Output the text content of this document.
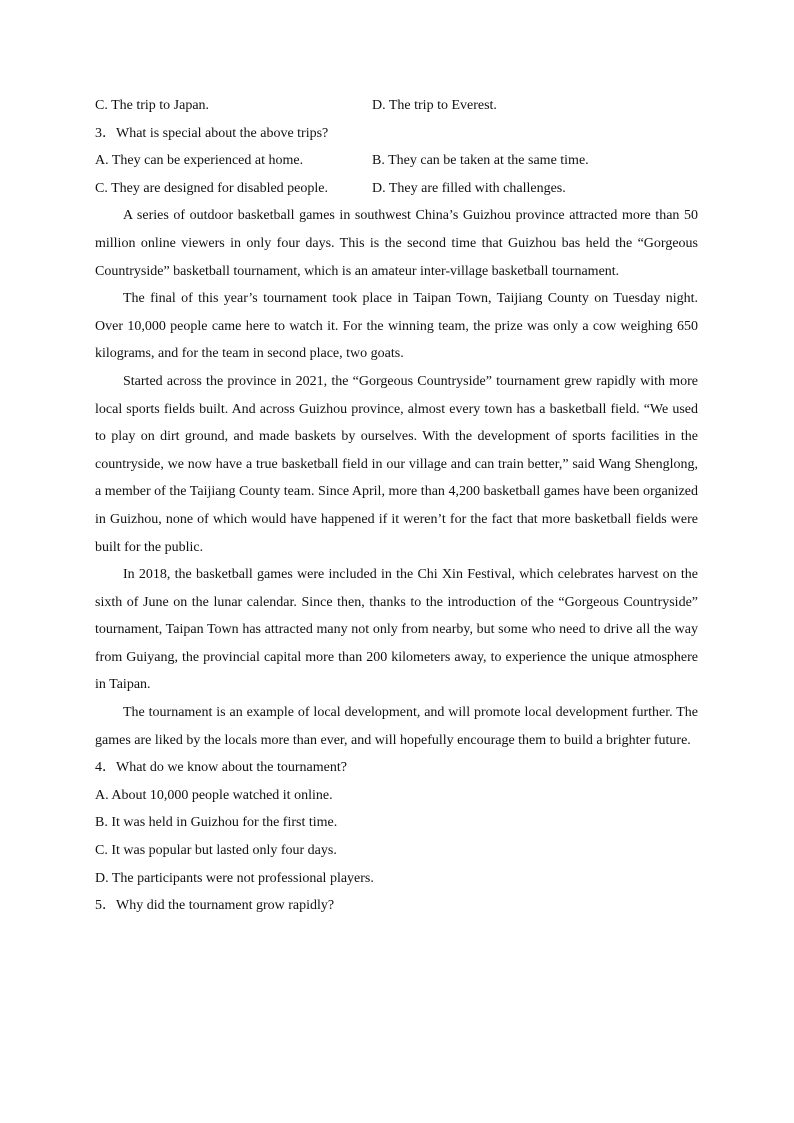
C. The trip to Japan.	D. The trip to Everest.
3．What is special about the above trips?
A. They can be experienced at home.	B. They can be taken at the same time.
C. They are designed for disabled people.	D. They are filled with challenges.

A series of outdoor basketball games in southwest China’s Guizhou province attracted more than 50 million online viewers in only four days. This is the second time that Guizhou bas held the “Gorgeous Countryside” basketball tournament, which is an amateur inter-village basketball tournament.

The final of this year’s tournament took place in Taipan Town, Taijiang County on Tuesday night. Over 10,000 people came here to watch it. For the winning team, the prize was only a cow weighing 650 kilograms, and for the team in second place, two goats.

Started across the province in 2021, the “Gorgeous Countryside” tournament grew rapidly with more local sports fields built. And across Guizhou province, almost every town has a basketball field. “We used to play on dirt ground, and made baskets by ourselves. With the development of sports facilities in the countryside, we now have a true basketball field in our village and can train better,” said Wang Shenglong, a member of the Taijiang County team. Since April, more than 4,200 basketball games have been organized in Guizhou, none of which would have happened if it weren’t for the fact that more basketball fields were built for the public.

In 2018, the basketball games were included in the Chi Xin Festival, which celebrates harvest on the sixth of June on the lunar calendar. Since then, thanks to the introduction of the “Gorgeous Countryside” tournament, Taipan Town has attracted many not only from nearby, but some who need to drive all the way from Guiyang, the provincial capital more than 200 kilometers away, to experience the unique atmosphere in Taipan.

The tournament is an example of local development, and will promote local development further. The games are liked by the locals more than ever, and will hopefully encourage them to build a brighter future.

4．What do we know about the tournament?
A. About 10,000 people watched it online.
B. It was held in Guizhou for the first time.
C. It was popular but lasted only four days.
D. The participants were not professional players.
5．Why did the tournament grow rapidly?
